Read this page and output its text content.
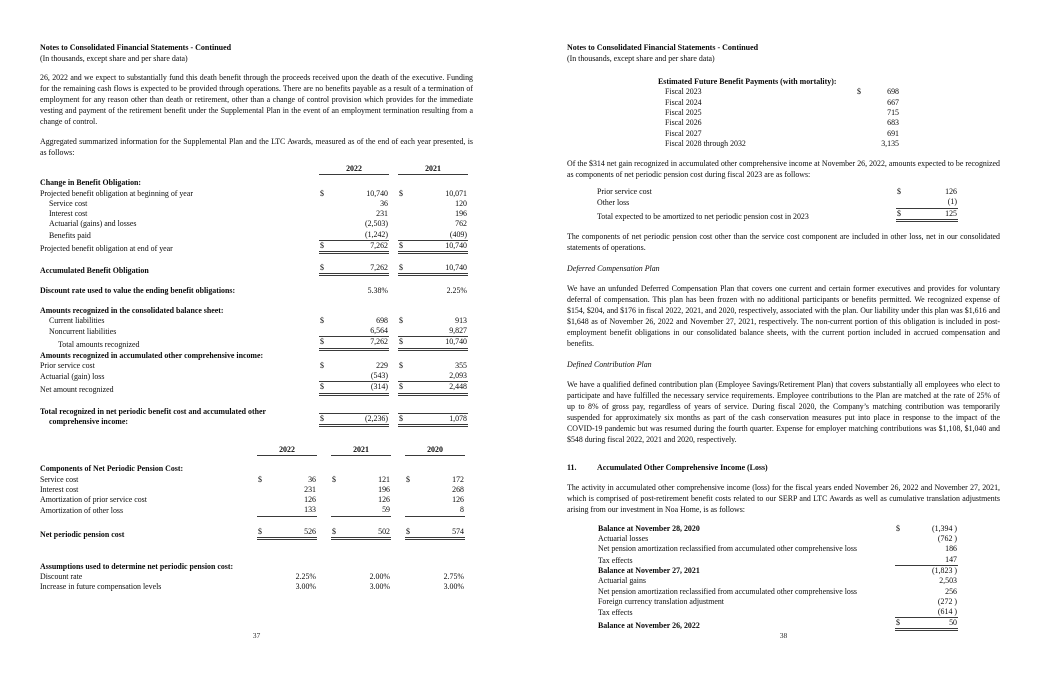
Notes to Consolidated Financial Statements - Continued
(In thousands, except share and per share data)

26, 2022 and we expect to substantially fund this death benefit through the proceeds received upon the death of the executive. Funding for the remaining cash flows is expected to be provided through operations. There are no benefits payable as a result of a termination of employment for any reason other than death or retirement, other than a change of control provision which provides for the immediate vesting and payment of the retirement benefit under the Supplemental Plan in the event of an employment termination resulting from a change of control.

Aggregated summarized information for the Supplemental Plan and the LTC Awards, measured as of the end of each year presented, is as follows:

2022	2021
Change in Benefit Obligation:
Projected benefit obligation at beginning of year	$	10,740 $	10,071
Service cost	36	120
Interest cost	231	196
Actuarial (gains) and losses	(2,503)	762
Benefits paid	(1,242)	(409)
Projected benefit obligation at end of year	$	7,262 $	10,740
Accumulated Benefit Obligation	$	7,262 $	10,740
Discount rate used to value the ending benefit obligations:	5.38%	2.25%
Amounts recognized in the consolidated balance sheet:
Current liabilities	$	698 $	913
Noncurrent liabilities	6,564	9,827
Total amounts recognized	$	7,262 $	10,740
Amounts recognized in accumulated other comprehensive income:
Prior service cost	$	229 $	355
Actuarial (gain) loss	(543)	2,093
Net amount recognized	$	(314) $	2,448
Total recognized in net periodic benefit cost and accumulated other comprehensive income:	$	(2,236) $	1,078
2022	2021	2020
Components of Net Periodic Pension Cost:
Service cost	$	36 $	121 $	172
Interest cost	231	196	268
Amortization of prior service cost	126	126	126
Amortization of other loss	133	59	8
Net periodic pension cost	$	526 $	502 $	574
Assumptions used to determine net periodic pension cost:
Discount rate	2.25%	2.00%	2.75%
Increase in future compensation levels	3.00%	3.00%	3.00%
Notes to Consolidated Financial Statements - Continued
(In thousands, except share and per share data)
Estimated Future Benefit Payments (with mortality):
Fiscal 2023	$	698
Fiscal 2024	667
Fiscal 2025	715
Fiscal 2026	683
Fiscal 2027	691
Fiscal 2028 through 2032	3,135

Of the $314 net gain recognized in accumulated other comprehensive income at November 26, 2022, amounts expected to be recognized as components of net periodic pension cost during fiscal 2023 are as follows:

Prior service cost	$	126
Other loss	(1)
Total expected to be amortized to net periodic pension cost in 2023	$	125

The components of net periodic pension cost other than the service cost component are included in other loss, net in our consolidated statements of operations.

Deferred Compensation Plan

We have an unfunded Deferred Compensation Plan that covers one current and certain former executives and provides for voluntary deferral of compensation. This plan has been frozen with no additional participants or benefits permitted. We recognized expense of $154, $204, and $176 in fiscal 2022, 2021, and 2020, respectively, associated with the plan. Our liability under this plan was $1,616 and $1,648 as of November 26, 2022 and November 27, 2021, respectively. The non-current portion of this obligation is included in post-employment benefit obligations in our consolidated balance sheets, with the current portion included in accrued compensation and benefits.

Defined Contribution Plan

We have a qualified defined contribution plan (Employee Savings/Retirement Plan) that covers substantially all employees who elect to participate and have fulfilled the necessary service requirements. Employee contributions to the Plan are matched at the rate of 25% of up to 8% of gross pay, regardless of years of service. During fiscal 2020, the Company’s matching contribution was temporarily suspended for approximately six months as part of the cash conservation measures put into place in response to the impact of the COVID-19 pandemic but was resumed during the fourth quarter. Expense for employer matching contributions was $1,108, $1,040 and $548 during fiscal 2022, 2021 and 2020, respectively.

11.	Accumulated Other Comprehensive Income (Loss)

The activity in accumulated other comprehensive income (loss) for the fiscal years ended November 26, 2022 and November 27, 2021, which is comprised of post-retirement benefit costs related to our SERP and LTC Awards as well as cumulative translation adjustments arising from our investment in Noa Home, is as follows:

Balance at November 28, 2020	$	(1,394 )
Actuarial losses	(762 )
Net pension amortization reclassified from accumulated other comprehensive loss	186
Tax effects	147
Balance at November 27, 2021	(1,823 )
Actuarial gains	2,503
Net pension amortization reclassified from accumulated other comprehensive loss	256
Foreign currency translation adjustment	(272 )
Tax effects	(614 )
Balance at November 26, 2022	$	50
37	38
